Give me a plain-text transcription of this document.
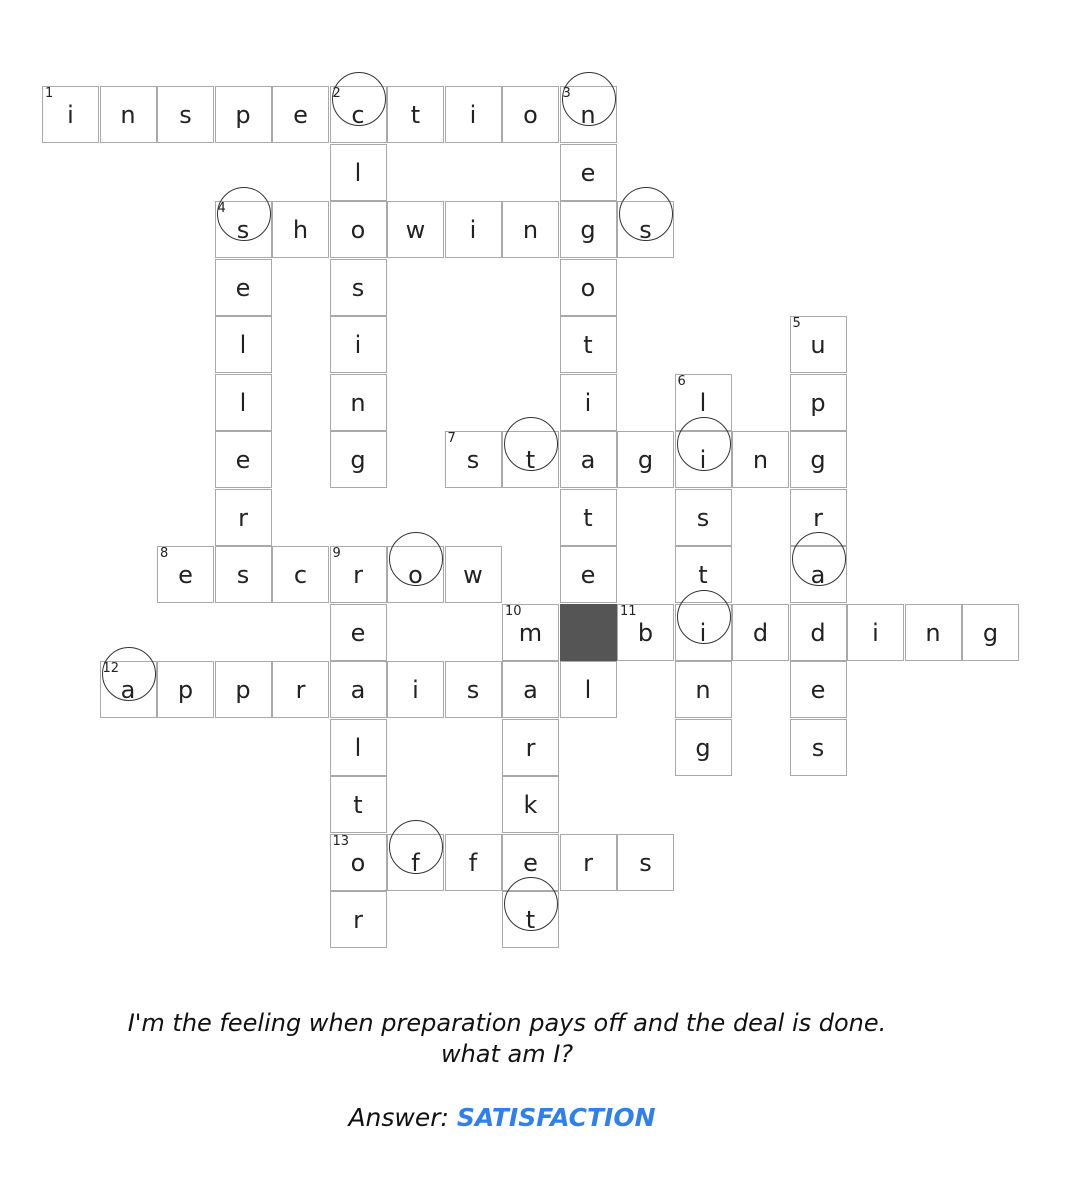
1
i	n	s	p	e
2
c	t	i	o
3
n
l	e
4
s	h	o	w	i	n	g	s
e	s	o
l	i	t
5
u
l	n	i
6
l	p
e	g
7
s	t	a	g	i	n	g
r	t	s	r
8
e	s	c
9
r	o	w	e	t	a
e
10
m
11
b	i	d	d	i	n	g
12
a	p	p	r	a	i	s	a	l	n	e
l	r	g	s
t	k
13
o	f	f	e	r	s
r	t

I'm the feeling when preparation pays off and the deal is done.

what am I?

Answer: SATISFACTION
